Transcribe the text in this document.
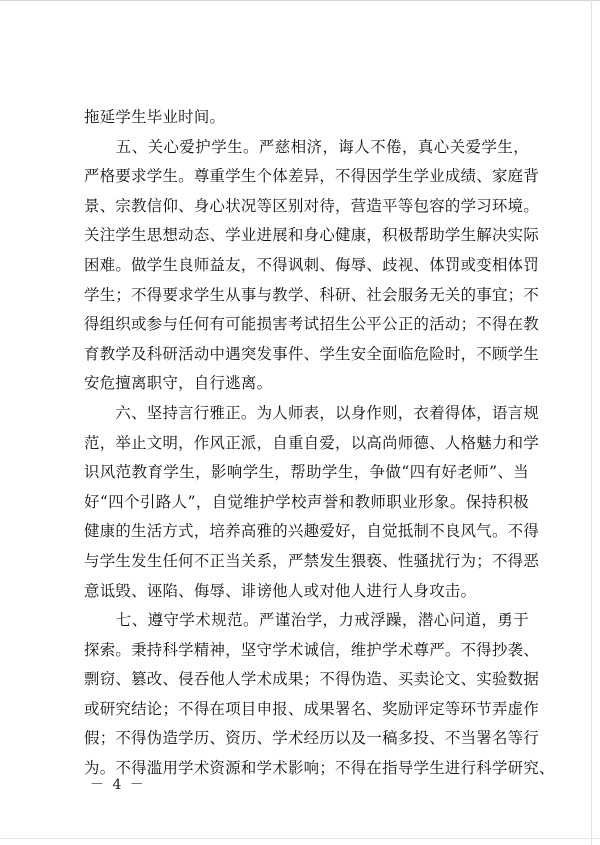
拖延学生毕业时间。
　　五、关心爱护学生。严慈相济，诲人不倦，真心关爱学生，
严格要求学生。尊重学生个体差异，不得因学生学业成绩、家庭背
景、宗教信仰、身心状况等区别对待，营造平等包容的学习环境。
关注学生思想动态、学业进展和身心健康，积极帮助学生解决实际
困难。做学生良师益友，不得讽刺、侮辱、歧视、体罚或变相体罚
学生；不得要求学生从事与教学、科研、社会服务无关的事宜；不
得组织或参与任何有可能损害考试招生公平公正的活动；不得在教
育教学及科研活动中遇突发事件、学生安全面临危险时，不顾学生
安危擅离职守，自行逃离。
　　六、坚持言行雅正。为人师表，以身作则，衣着得体，语言规
范，举止文明，作风正派，自重自爱，以高尚师德、人格魅力和学
识风范教育学生，影响学生，帮助学生，争做“四有好老师”、当
好“四个引路人”，自觉维护学校声誉和教师职业形象。保持积极
健康的生活方式，培养高雅的兴趣爱好，自觉抵制不良风气。不得
与学生发生任何不正当关系，严禁发生猥亵、性骚扰行为；不得恶
意诋毁、诬陷、侮辱、诽谤他人或对他人进行人身攻击。
　　七、遵守学术规范。严谨治学，力戒浮躁，潜心问道，勇于
探索。秉持科学精神，坚守学术诚信，维护学术尊严。不得抄袭、
剽窃、篡改、侵吞他人学术成果；不得伪造、买卖论文、实验数据
或研究结论；不得在项目申报、成果署名、奖励评定等环节弄虚作
假；不得伪造学历、资历、学术经历以及一稿多投、不当署名等行
为。不得滥用学术资源和学术影响；不得在指导学生进行科学研究、
－ 4 －
